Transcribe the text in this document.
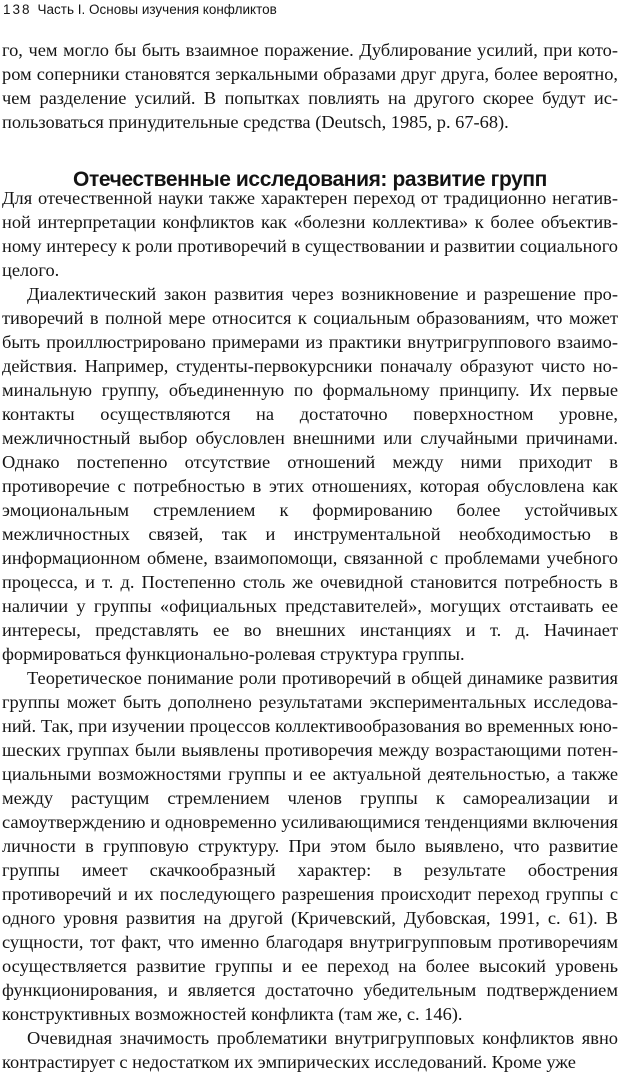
138 Часть I. Основы изучения конфликтов

го, чем могло бы быть взаимное поражение. Дублирование усилий, при котором соперники становятся зеркальными образами друг друга, более вероятно, чем разделение усилий. В попытках повлиять на другого скорее будут использоваться принудительные средства (Deutsch, 1985, р. 67-68).

Отечественные исследования: развитие групп

Для отечественной науки также характерен переход от традиционно негативной интерпретации конфликтов как «болезни коллектива» к более объективному интересу к роли противоречий в существовании и развитии социального целого.

Диалектический закон развития через возникновение и разрешение противоречий в полной мере относится к социальным образованиям, что может быть проиллюстрировано примерами из практики внутригруппового взаимодействия. Например, студенты-первокурсники поначалу образуют чисто номинальную группу, объединенную по формальному принципу. Их первые контакты осуществляются на достаточно поверхностном уровне, межличностный выбор обусловлен внешними или случайными причинами. Однако постепенно отсутствие отношений между ними приходит в противоречие с потребностью в этих отношениях, которая обусловлена как эмоциональным стремлением к формированию более устойчивых межличностных связей, так и инструментальной необходимостью в информационном обмене, взаимопомощи, связанной с проблемами учебного процесса, и т. д. Постепенно столь же очевидной становится потребность в наличии у группы «официальных представителей», могущих отстаивать ее интересы, представлять ее во внешних инстанциях и т. д. Начинает формироваться функционально-ролевая структура группы.

Теоретическое понимание роли противоречий в общей динамике развития группы может быть дополнено результатами экспериментальных исследований. Так, при изучении процессов коллективообразования во временных юношеских группах были выявлены противоречия между возрастающими потенциальными возможностями группы и ее актуальной деятельностью, а также между растущим стремлением членов группы к самореализации и самоутверждению и одновременно усиливающимися тенденциями включения личности в групповую структуру. При этом было выявлено, что развитие группы имеет скачкообразный характер: в результате обострения противоречий и их последующего разрешения происходит переход группы с одного уровня развития на другой (Кричевский, Дубовская, 1991, с. 61). В сущности, тот факт, что именно благодаря внутригрупповым противоречиям осуществляется развитие группы и ее переход на более высокий уровень функционирования, и является достаточно убедительным подтверждением конструктивных возможностей конфликта (там же, с. 146).

Очевидная значимость проблематики внутригрупповых конфликтов явно контрастирует с недостатком их эмпирических исследований. Кроме уже
